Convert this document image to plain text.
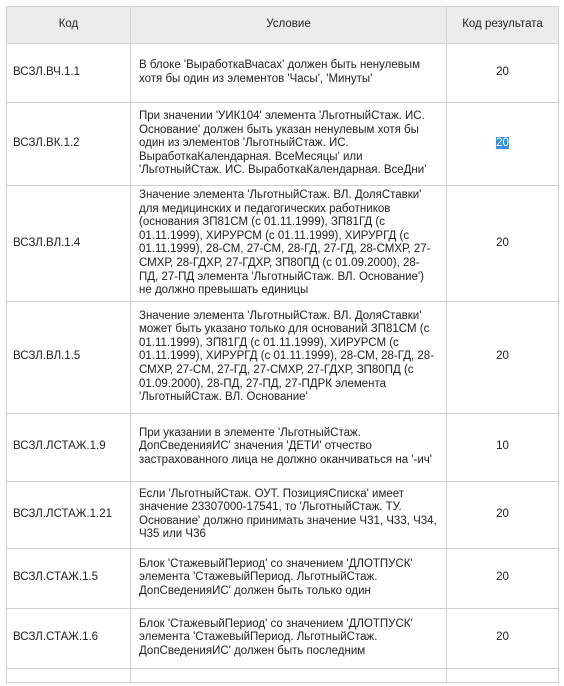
Код	Условие	Код результата
ВСЗЛ.ВЧ.1.1	В блоке 'ВыработкаВчасах' должен быть ненулевым хотя бы один из элементов 'Часы', 'Минуты'	20
ВСЗЛ.ВК.1.2	При значении 'УИК104' элемента 'ЛьготныйСтаж. ИС. Основание' должен быть указан ненулевым хотя бы один из элементов 'ЛьготныйСтаж. ИС. ВыработкаКалендарная. ВсеМесяцы' или 'ЛьготныйСтаж. ИС. ВыработкаКалендарная. ВсеДни'	20
ВСЗЛ.ВЛ.1.4	Значение элемента 'ЛьготныйСтаж. ВЛ. ДоляСтавки' для медицинских и педагогических работников (основания ЗП81СМ (с 01.11.1999), ЗП81ГД (с 01.11.1999), ХИРУРСМ (с 01.11.1999), ХИРУРГД (с 01.11.1999), 28-СМ, 27-СМ, 28-ГД, 27-ГД, 28-СМХР, 27-СМХР, 28-ГДХР, 27-ГДХР, ЗП80ПД (с 01.09.2000), 28-ПД, 27-ПД элемента 'ЛьготныйСтаж. ВЛ. Основание') не должно превышать единицы	20
ВСЗЛ.ВЛ.1.5	Значение элемента 'ЛьготныйСтаж. ВЛ. ДоляСтавки' может быть указано только для оснований ЗП81СМ (с 01.11.1999), ЗП81ГД (с 01.11.1999), ХИРУРСМ (с 01.11.1999), ХИРУРГД (с 01.11.1999), 28-СМ, 28-ГД, 28-СМХР, 27-СМ, 27-ГД, 27-СМХР, 27-ГДХР, ЗП80ПД (с 01.09.2000), 28-ПД, 27-ПД, 27-ПДРК элемента 'ЛьготныйСтаж. ВЛ. Основание'	20
ВСЗЛ.ЛСТАЖ.1.9	При указании в элементе 'ЛьготныйСтаж. ДопСведенияИС' значения 'ДЕТИ' отчество застрахованного лица не должно оканчиваться на '-ич'	10
ВСЗЛ.ЛСТАЖ.1.21	Если 'ЛьготныйСтаж. ОУТ. ПозицияСписка' имеет значение 23307000-17541, то 'ЛьготныйСтаж. ТУ. Основание' должно принимать значение Ч31, Ч33, Ч34, Ч35 или Ч36	20
ВСЗЛ.СТАЖ.1.5	Блок 'СтажевыйПериод' со значением 'ДЛОТПУСК' элемента 'СтажевыйПериод. ЛьготныйСтаж. ДопСведенияИС' должен быть только один	20
ВСЗЛ.СТАЖ.1.6	Блок 'СтажевыйПериод' со значением 'ДЛОТПУСК' элемента 'СтажевыйПериод. ЛьготныйСтаж. ДопСведенияИС' должен быть последним	20
